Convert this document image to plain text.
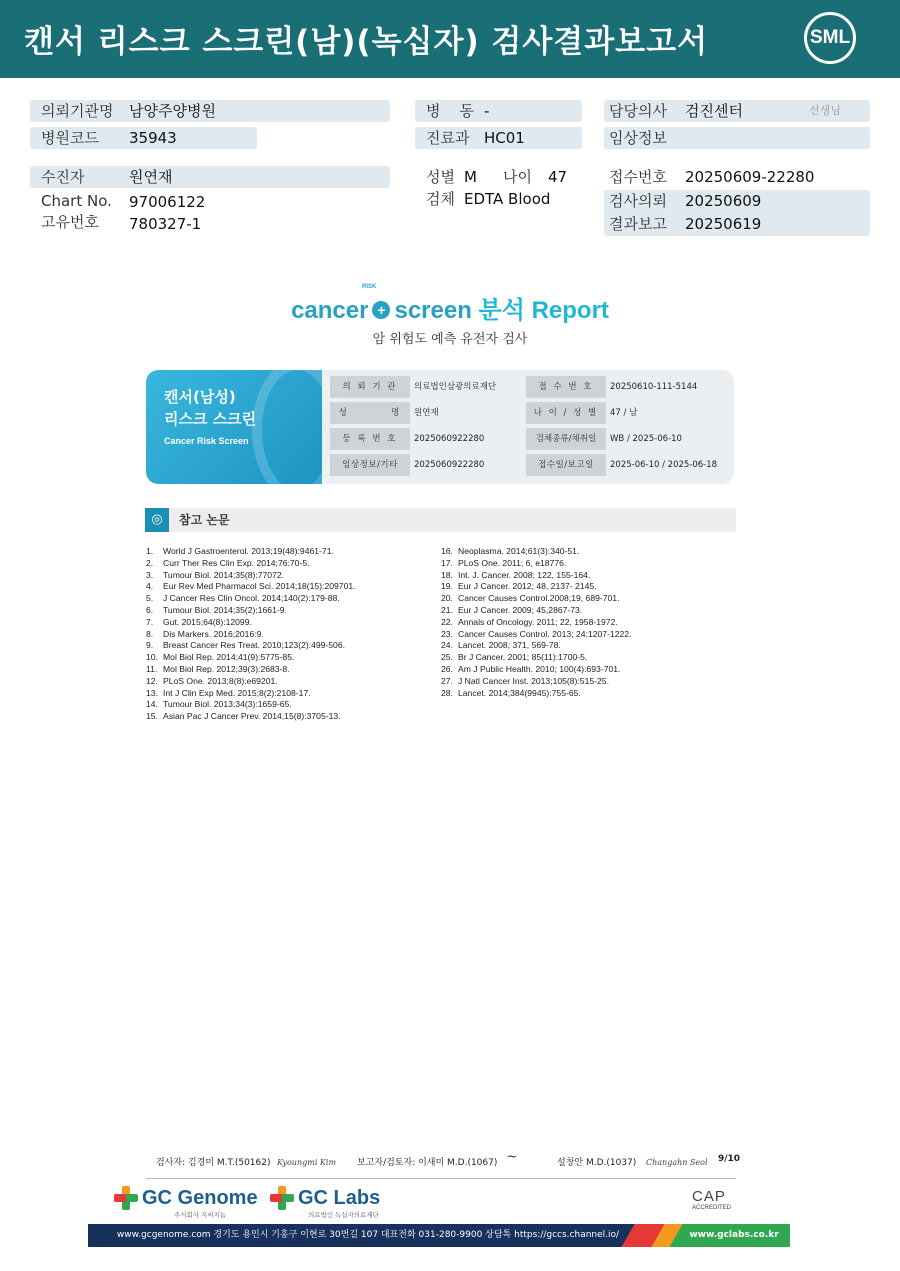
캔서 리스크 스크린(남)(녹십자) 검사결과보고서	SML
의뢰기관명 남양주양병원
병원코드 35943
병    동 -
진료과 HC01
담당의사 검진센터	선생님
임상정보
수진자	원연재
Chart No. 97006122
고유번호 780327-1
성별 M 나이 47
검체 EDTA Blood
접수번호 20250609-22280
검사의뢰 20250609
결과보고 20250619
cancer + screen 분석 Report
RISK
암 위험도 예측 유전자 검사
캔서(남성)
리스크 스크린
Cancer Risk Screen
의 뢰 기 관	의료법인삼광의료재단	접 수 번 호	20250610-111-5144
성         명	원연재	나 이 / 성 별	47 / 남
등 록 번 호	2025060922280	검체종류/채취일	WB / 2025-06-10
임상정보/기타	2025060922280	접수일/보고일	2025-06-10 / 2025-06-18
◎	참고 논문
1.	World J Gastroenterol. 2013;19(48):9461-71.
2.	Curr Ther Res Clin Exp. 2014;76:70-5.
3.	Tumour Biol. 2014;35(8):77072.
4.	Eur Rev Med Pharmacol Sci. 2014;18(15):209701.
5.	J Cancer Res Clin Oncol. 2014;140(2):179-88.
6.	Tumour Biol. 2014;35(2):1661-9.
7.	Gut. 2015;64(8):12099.
8.	Dis Markers. 2016;2016:9.
9.	Breast Cancer Res Treat. 2010;123(2):499-506.
10. Mol Biol Rep. 2014;41(9):5775-85.
11. Mol Biol Rep. 2012;39(3):2683-8.
12. PLoS One. 2013;8(8):e69201.
13. Int J Clin Exp Med. 2015;8(2):2108-17.
14. Tumour Biol. 2013;34(3):1659-65.
15. Asian Pac J Cancer Prev. 2014;15(8):3705-13.
16. Neoplasma. 2014;61(3):340-51.
17. PLoS One. 2011; 6, e18776.
18. Int. J. Cancer. 2008; 122, 155-164.
19. Eur J Cancer. 2012; 48, 2137- 2145.
20. Cancer Causes Control.2008;19, 689-701.
21. Eur J Cancer. 2009; 45,2867-73.
22. Annals of Oncology. 2011; 22, 1958-1972.
23. Cancer Causes Control. 2013; 24:1207-1222.
24. Lancet. 2008; 371, 569-78.
25. Br J Cancer. 2001; 85(11):1700-5.
26. Am J Public Health. 2010; 100(4):693-701.
27. J Natl Cancer Inst. 2013;105(8):515-25.
28. Lancet. 2014;384(9945):755-65.
검사자: 김경미 M.T.(50162) Kyoungmi Kim 보고자/검토자: 이새미 M.D.(1067) ~	설창안 M.D.(1037) Changahn Seol 9/10
GC Genome
주식회사 지씨지놈
GC Labs
의료법인 녹십자의료재단
CAP
ACCREDITED
www.gcgenome.com 경기도 용인시 기흥구 이현로 30번길 107 대표전화 031-280-9900 상담톡 https://gccs.channel.io/	www.gclabs.co.kr
